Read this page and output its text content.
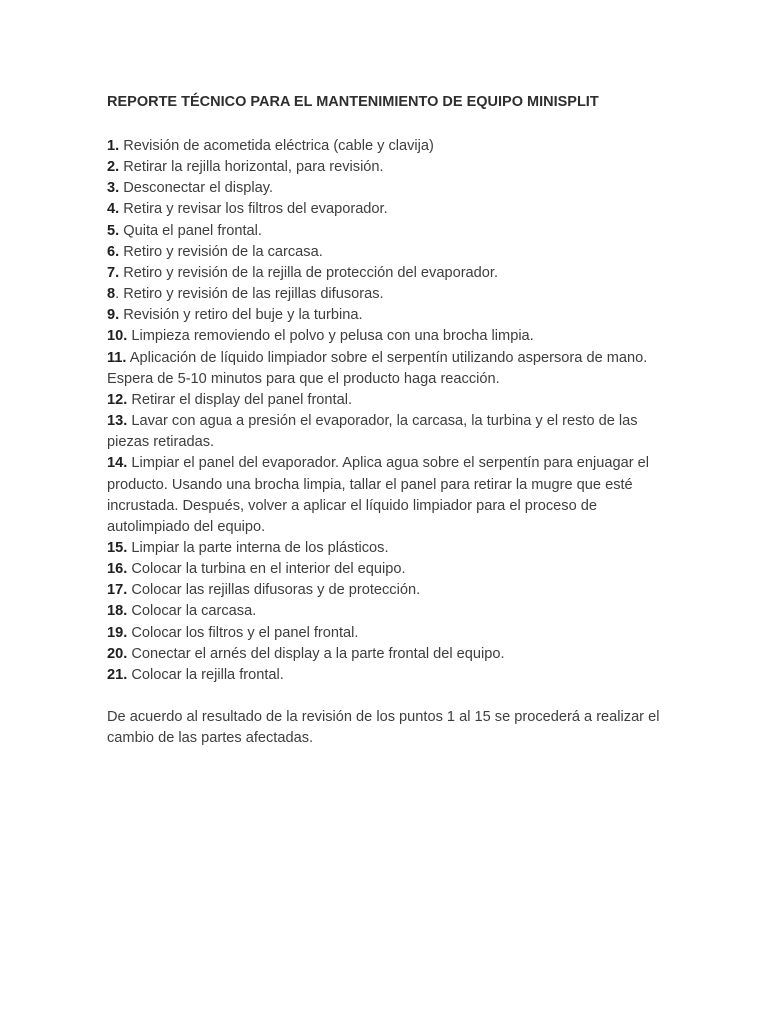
REPORTE TÉCNICO PARA EL MANTENIMIENTO DE EQUIPO MINISPLIT
1. Revisión de acometida eléctrica (cable y clavija)
2. Retirar la rejilla horizontal, para revisión.
3. Desconectar el display.
4. Retira y revisar los filtros del evaporador.
5. Quita el panel frontal.
6. Retiro y revisión de la carcasa.
7. Retiro y revisión de la rejilla de protección del evaporador.
8. Retiro y revisión de las rejillas difusoras.
9. Revisión y retiro del buje y la turbina.
10. Limpieza removiendo el polvo y pelusa con una brocha limpia.
11. Aplicación de líquido limpiador sobre el serpentín utilizando aspersora de mano. Espera de 5-10 minutos para que el producto haga reacción.
12. Retirar el display del panel frontal.
13. Lavar con agua a presión el evaporador, la carcasa, la turbina y el resto de las piezas retiradas.
14. Limpiar el panel del evaporador. Aplica agua sobre el serpentín para enjuagar el producto. Usando una brocha limpia, tallar el panel para retirar la mugre que esté incrustada. Después, volver a aplicar el líquido limpiador para el proceso de autolimpiado del equipo.
15. Limpiar la parte interna de los plásticos.
16. Colocar la turbina en el interior del equipo.
17. Colocar las rejillas difusoras y de protección.
18. Colocar la carcasa.
19. Colocar los filtros y el panel frontal.
20. Conectar el arnés del display a la parte frontal del equipo.
21. Colocar la rejilla frontal.
De acuerdo al resultado de la revisión de los puntos 1 al 15 se procederá a realizar el cambio de las partes afectadas.
